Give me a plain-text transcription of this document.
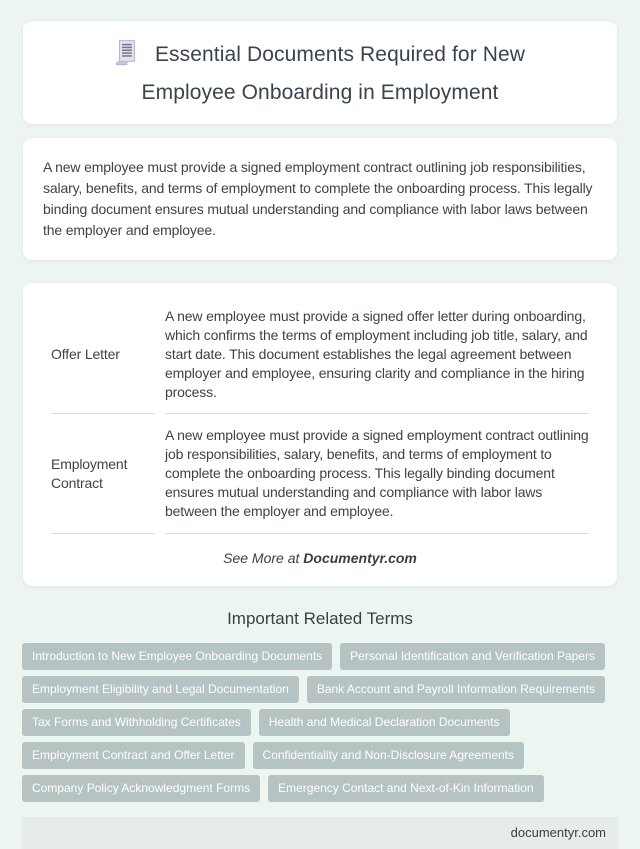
Essential Documents Required for New Employee Onboarding in Employment

A new employee must provide a signed employment contract outlining job responsibilities, salary, benefits, and terms of employment to complete the onboarding process. This legally binding document ensures mutual understanding and compliance with labor laws between the employer and employee.

Offer Letter	A new employee must provide a signed offer letter during onboarding, which confirms the terms of employment including job title, salary, and start date. This document establishes the legal agreement between employer and employee, ensuring clarity and compliance in the hiring process.
Employment Contract	A new employee must provide a signed employment contract outlining job responsibilities, salary, benefits, and terms of employment to complete the onboarding process. This legally binding document ensures mutual understanding and compliance with labor laws between the employer and employee.
See More at Documentyr.com
Important Related Terms
Introduction to New Employee Onboarding Documents	Personal Identification and Verification Papers
Employment Eligibility and Legal Documentation	Bank Account and Payroll Information Requirements
Tax Forms and Withholding Certificates	Health and Medical Declaration Documents
Employment Contract and Offer Letter	Confidentiality and Non-Disclosure Agreements
Company Policy Acknowledgment Forms	Emergency Contact and Next-of-Kin Information
documentyr.com
